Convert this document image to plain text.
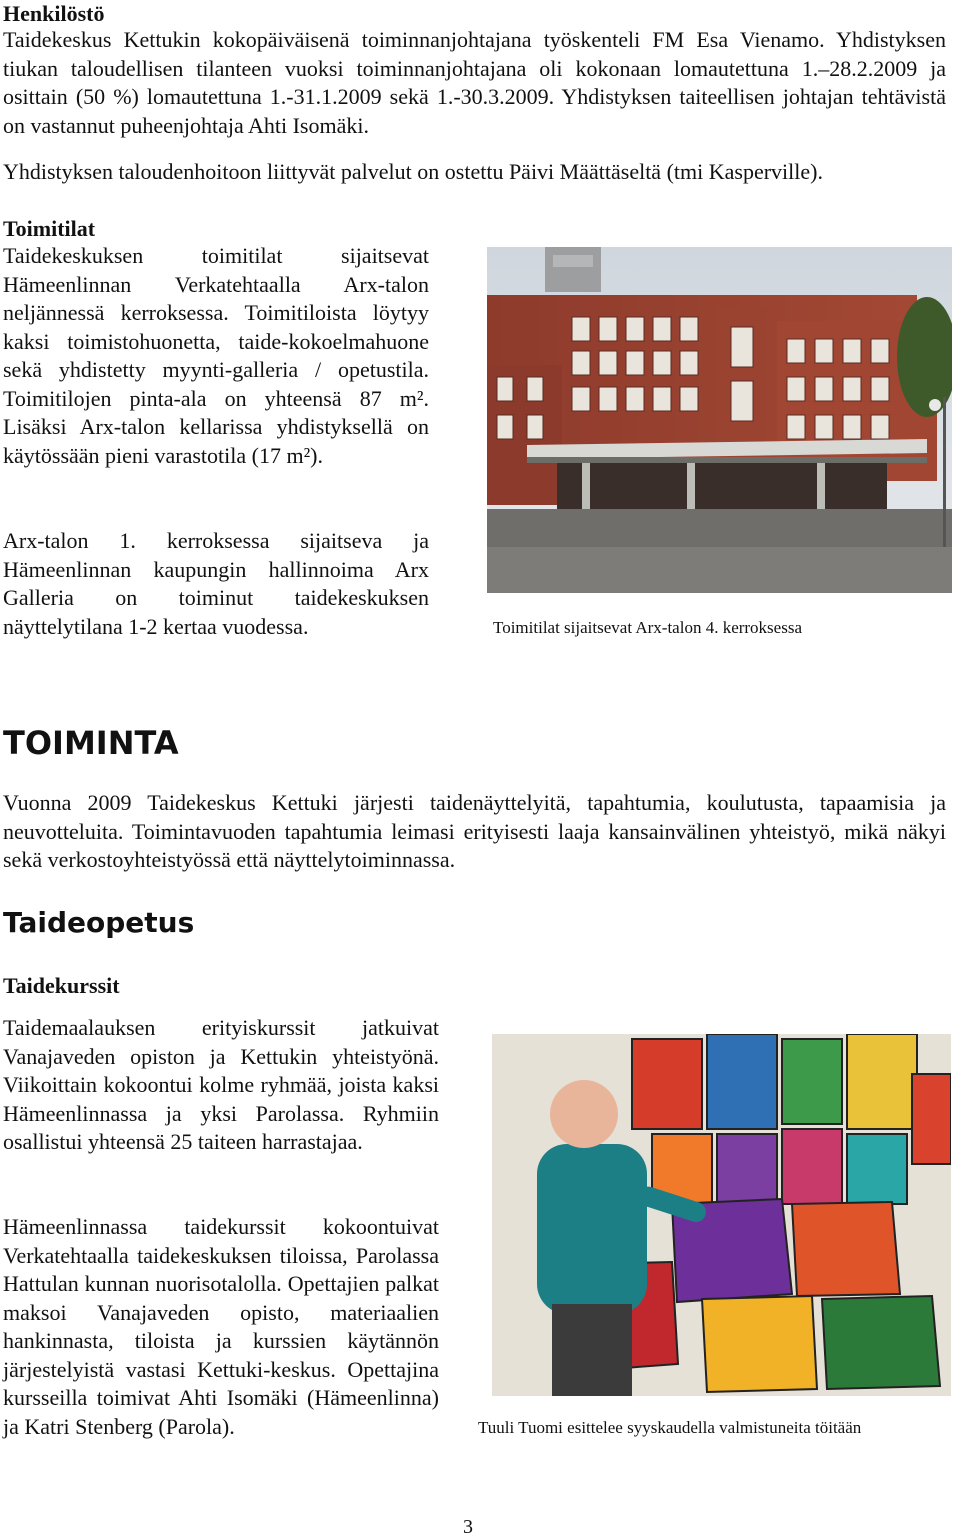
Henkilöstö

Taidekeskus Kettukin kokopäiväisenä toiminnanjohtajana työskenteli FM Esa Vienamo. Yhdistyksen tiukan taloudellisen tilanteen vuoksi toiminnanjohtajana oli kokonaan lomautettuna 1.–28.2.2009 ja osittain (50 %) lomautettuna 1.-31.1.2009 sekä 1.-30.3.2009. Yhdistyksen taiteellisen johtajan tehtävistä on vastannut puheenjohtaja Ahti Isomäki.

Yhdistyksen taloudenhoitoon liittyvät palvelut on ostettu Päivi Määttäseltä (tmi Kasperville).

Toimitilat

Taidekeskuksen toimitilat sijaitsevat Hämeenlinnan Verkatehtaalla Arx-talon neljännessä kerroksessa. Toimitiloista löytyy kaksi toimistohuonetta, taide-kokoelmahuone sekä yhdistetty myynti-galleria / opetustila. Toimitilojen pinta-ala on yhteensä 87 m². Lisäksi Arx-talon kellarissa yhdistyksellä on käytössään pieni varastotila (17 m²).

Arx-talon 1. kerroksessa sijaitseva ja Hämeenlinnan kaupungin hallinnoima Arx Galleria on toiminut taidekeskuksen näyttelytilana 1-2 kertaa vuodessa.	Toimitilat sijaitsevat Arx-talon 4. kerroksessa

TOIMINTA

Vuonna 2009 Taidekeskus Kettuki järjesti taidenäyttelyitä, tapahtumia, koulutusta, tapaamisia ja neuvotteluita. Toimintavuoden tapahtumia leimasi erityisesti laaja kansainvälinen yhteistyö, mikä näkyi sekä verkostoyhteistyössä että näyttelytoiminnassa.

Taideopetus

Taidekurssit

Taidemaalauksen erityiskurssit jatkuivat Vanajaveden opiston ja Kettukin yhteistyönä. Viikoittain kokoontui kolme ryhmää, joista kaksi Hämeenlinnassa ja yksi Parolassa. Ryhmiin osallistui yhteensä 25 taiteen harrastajaa.

Hämeenlinnassa taidekurssit kokoontuivat Verkatehtaalla taidekeskuksen tiloissa, Parolassa Hattulan kunnan nuorisotalolla. Opettajien palkat maksoi Vanajaveden opisto, materiaalien hankinnasta, tiloista ja kurssien käytännön järjestelyistä vastasi Kettuki-keskus. Opettajina kursseilla toimivat Ahti Isomäki (Hämeenlinna) ja Katri Stenberg (Parola).	Tuuli Tuomi esittelee syyskaudella valmistuneita töitään

3
